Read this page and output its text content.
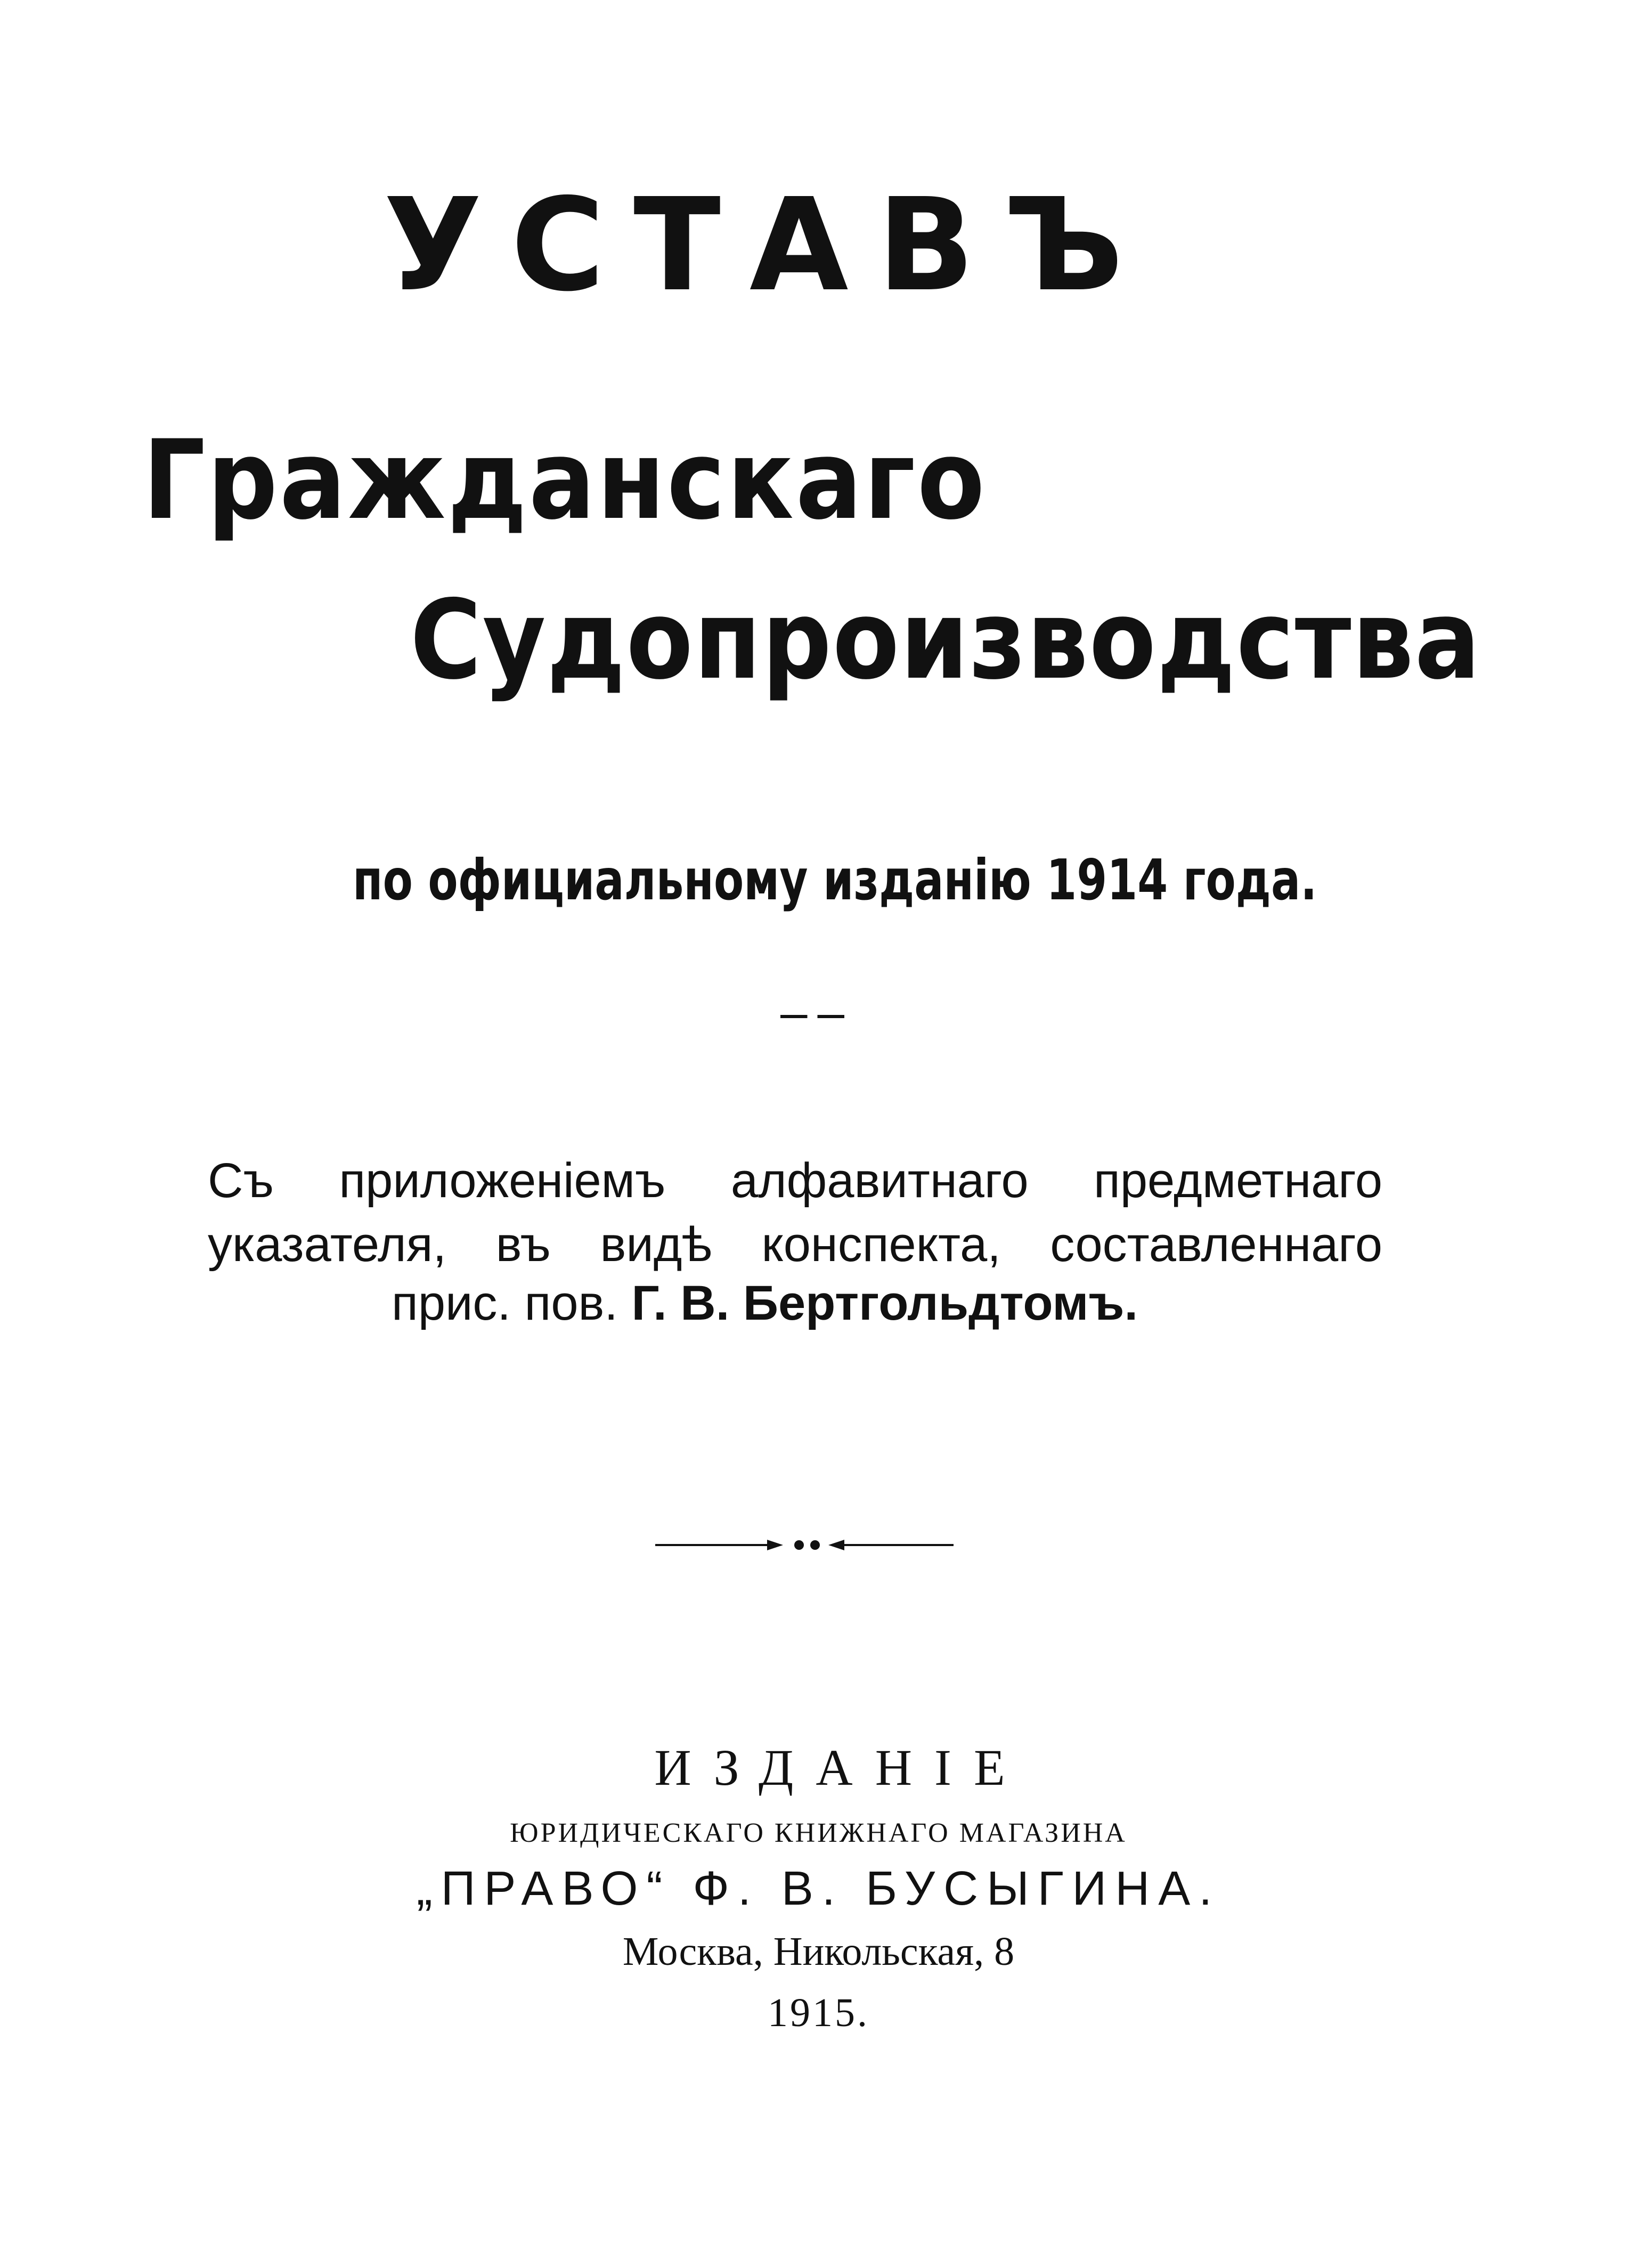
УСТАВЪ
Гражданскаго
Судопроизводства
по официальному изданію 1914 года.
Съ приложеніемъ алфавитнаго предметнаго
указателя, въ видѣ конспекта, составленнаго
прис. пов. Г. В. Бертгольдтомъ.
ИЗДАНІЕ
ЮРИДИЧЕСКАГО КНИЖНАГО МАГАЗИНА
„ПРАВО“ Ф. В. БУСЫГИНА.
Москва, Никольская, 8
1915.
